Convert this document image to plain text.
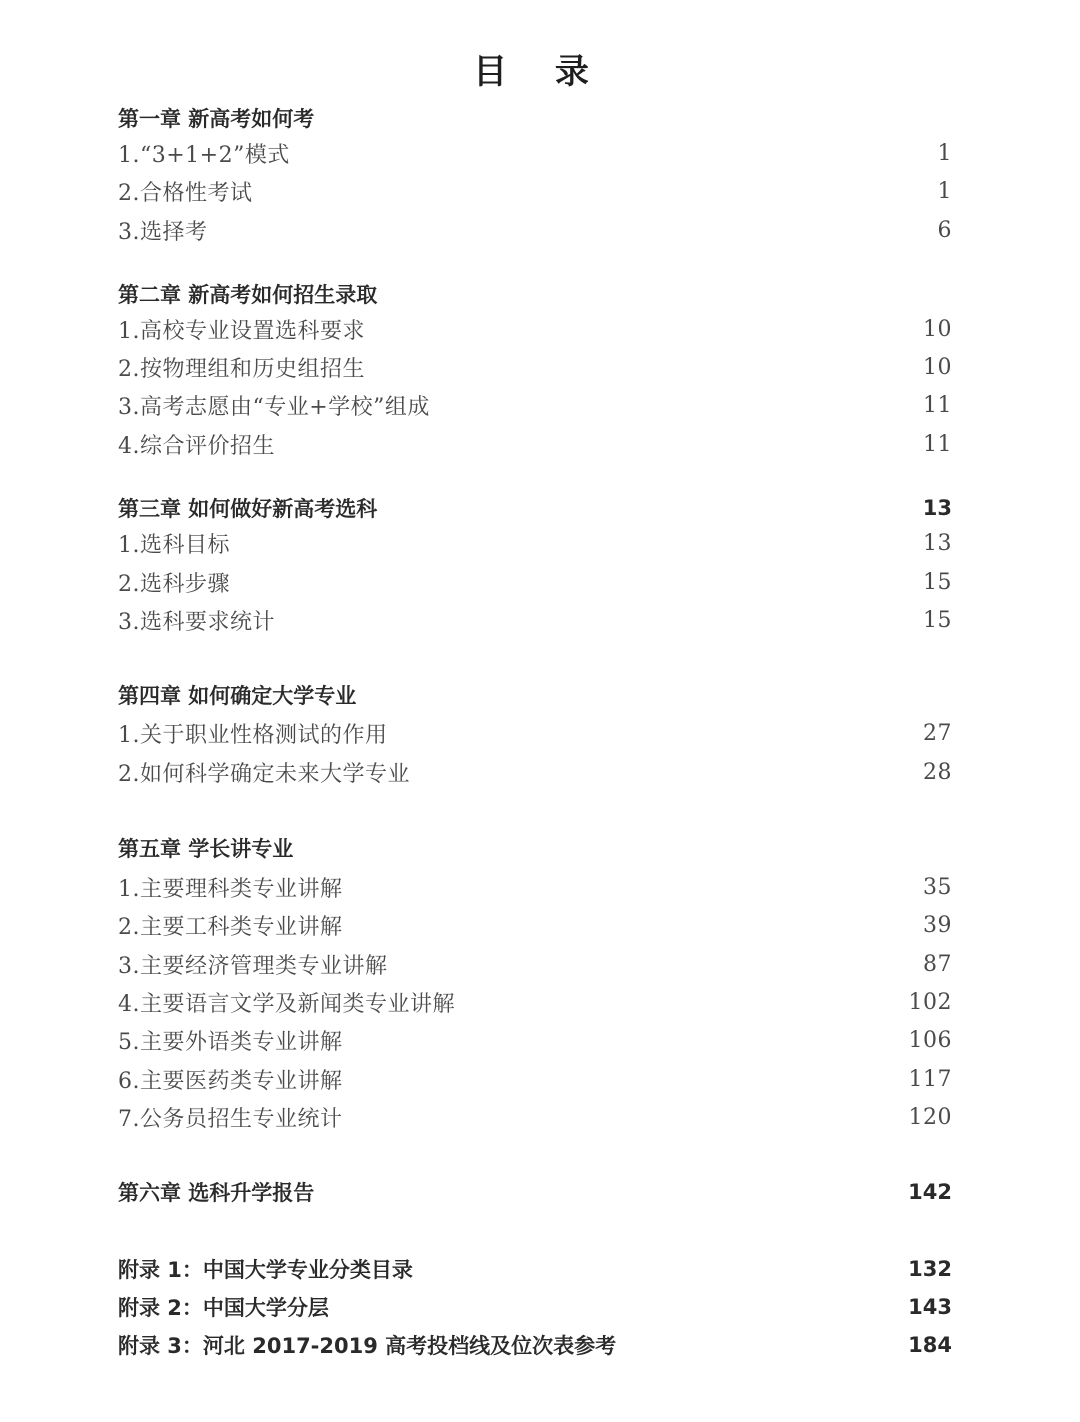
目 录
第一章 新高考如何考
1.“3+1+2”模式	1
2.合格性考试	1
3.选择考	6
第二章 新高考如何招生录取
1.高校专业设置选科要求	10
2.按物理组和历史组招生	10
3.高考志愿由“专业+学校”组成	11
4.综合评价招生	11
第三章 如何做好新高考选科	13
1.选科目标	13
2.选科步骤	15
3.选科要求统计	15
第四章 如何确定大学专业
1.关于职业性格测试的作用	27
2.如何科学确定未来大学专业	28
第五章 学长讲专业
1.主要理科类专业讲解	35
2.主要工科类专业讲解	39
3.主要经济管理类专业讲解	87
4.主要语言文学及新闻类专业讲解	102
5.主要外语类专业讲解	106
6.主要医药类专业讲解	117
7.公务员招生专业统计	120
第六章 选科升学报告	142
附录 1：中国大学专业分类目录	132
附录 2：中国大学分层	143
附录 3：河北 2017-2019 高考投档线及位次表参考	184
